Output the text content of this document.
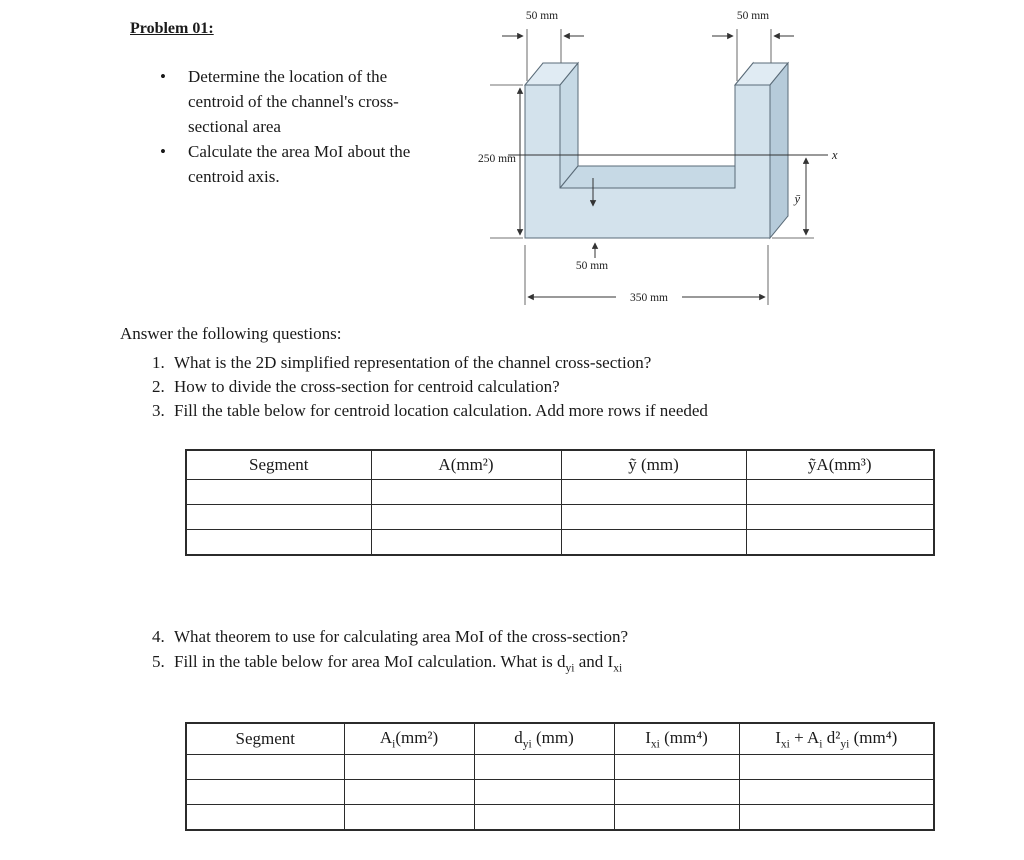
Problem 01:
•	Determine the location of the centroid of the channel's cross-sectional area
•	Calculate the area MoI about the centroid axis.
x
50 mm	50 mm
250 mm
50 mm
ȳ
350 mm
Answer the following questions:
1. What is the 2D simplified representation of the channel cross-section?
2. How to divide the cross-section for centroid calculation?
3. Fill the table below for centroid location calculation. Add more rows if needed
Segment	A(mm²)	ỹ (mm)	ỹA(mm³)

4. What theorem to use for calculating area MoI of the cross-section?
5. Fill in the table below for area MoI calculation. What is $d_{yi}$ and $I_{xi}$
Segment	$A_i(mm^2)$	$d_{yi}$ (mm)	$I_{xi}$ (mm⁴)	$I_{xi} + A_i$ $d^2_{yi}$ (mm⁴)
